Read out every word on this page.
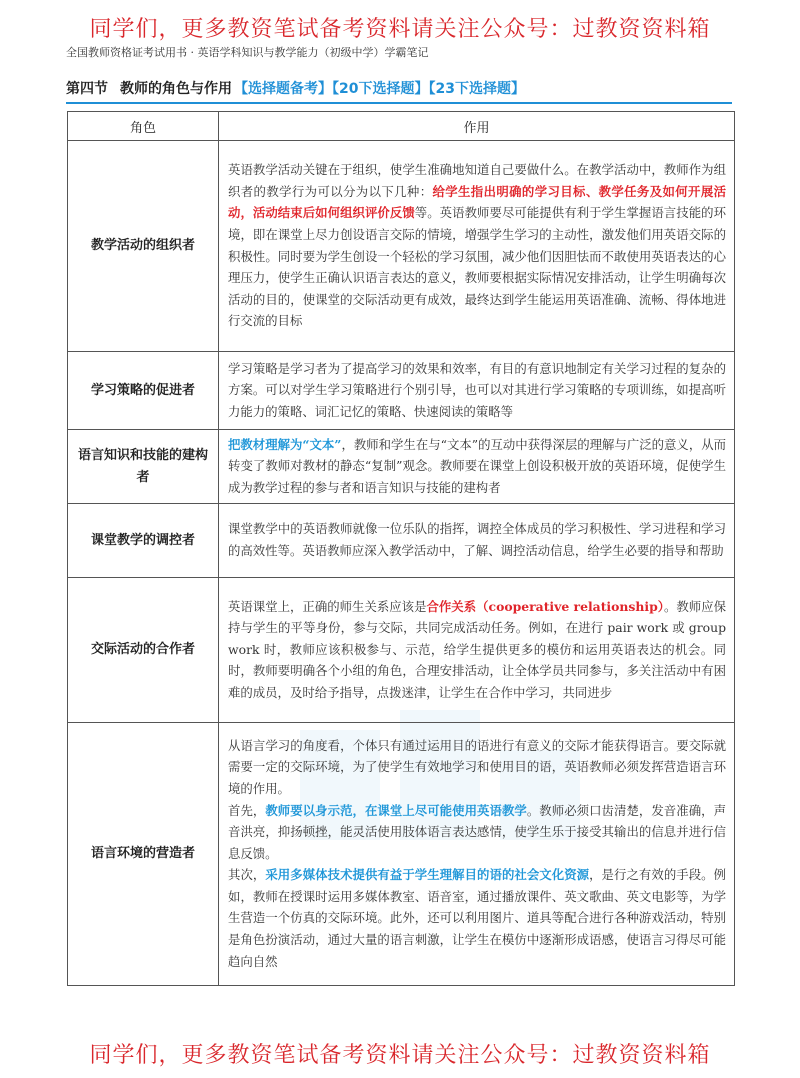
同学们，更多教资笔试备考资料请关注公众号：过教资资料箱
全国教师资格证考试用书 · 英语学科知识与教学能力（初级中学）学霸笔记
第四节 教师的角色与作用 【选择题备考】【20下选择题】【23下选择题】
角色	作用
教学活动的组织者	英语教学活动关键在于组织，使学生准确地知道自己要做什么。在教学活动中，教师作为组织者的教学行为可以分为以下几种：给学生指出明确的学习目标、教学任务及如何开展活动，活动结束后如何组织评价反馈等。英语教师要尽可能提供有利于学生掌握语言技能的环境，即在课堂上尽力创设语言交际的情境，增强学生学习的主动性，激发他们用英语交际的积极性。同时要为学生创设一个轻松的学习氛围，减少他们因胆怯而不敢使用英语表达的心理压力，使学生正确认识语言表达的意义，教师要根据实际情况安排活动，让学生明确每次活动的目的，使课堂的交际活动更有成效，最终达到学生能运用英语准确、流畅、得体地进行交流的目标
学习策略的促进者	学习策略是学习者为了提高学习的效果和效率，有目的有意识地制定有关学习过程的复杂的方案。可以对学生学习策略进行个别引导，也可以对其进行学习策略的专项训练，如提高听力能力的策略、词汇记忆的策略、快速阅读的策略等
语言知识和技能的建构者	把教材理解为“文本”，教师和学生在与“文本”的互动中获得深层的理解与广泛的意义，从而转变了教师对教材的静态“复制”观念。教师要在课堂上创设积极开放的英语环境，促使学生成为教学过程的参与者和语言知识与技能的建构者
课堂教学的调控者	课堂教学中的英语教师就像一位乐队的指挥，调控全体成员的学习积极性、学习进程和学习的高效性等。英语教师应深入教学活动中，了解、调控活动信息，给学生必要的指导和帮助
交际活动的合作者	英语课堂上，正确的师生关系应该是合作关系（cooperative relationship）。教师应保持与学生的平等身份，参与交际，共同完成活动任务。例如，在进行 pair work 或 group work 时，教师应该积极参与、示范，给学生提供更多的模仿和运用英语表达的机会。同时，教师要明确各个小组的角色，合理安排活动，让全体学员共同参与，多关注活动中有困难的成员，及时给予指导，点拨迷津，让学生在合作中学习，共同进步
语言环境的营造者	从语言学习的角度看，个体只有通过运用目的语进行有意义的交际才能获得语言。要交际就需要一定的交际环境，为了使学生有效地学习和使用目的语，英语教师必须发挥营造语言环境的作用。
首先，教师要以身示范，在课堂上尽可能使用英语教学。教师必须口齿清楚，发音准确，声音洪亮，抑扬顿挫，能灵活使用肢体语言表达感情，使学生乐于接受其输出的信息并进行信息反馈。
其次，采用多媒体技术提供有益于学生理解目的语的社会文化资源，是行之有效的手段。例如，教师在授课时运用多媒体教室、语音室，通过播放课件、英文歌曲、英文电影等，为学生营造一个仿真的交际环境。此外，还可以利用图片、道具等配合进行各种游戏活动，特别是角色扮演活动，通过大量的语言刺激，让学生在模仿中逐渐形成语感，使语言习得尽可能趋向自然
同学们，更多教资笔试备考资料请关注公众号：过教资资料箱
